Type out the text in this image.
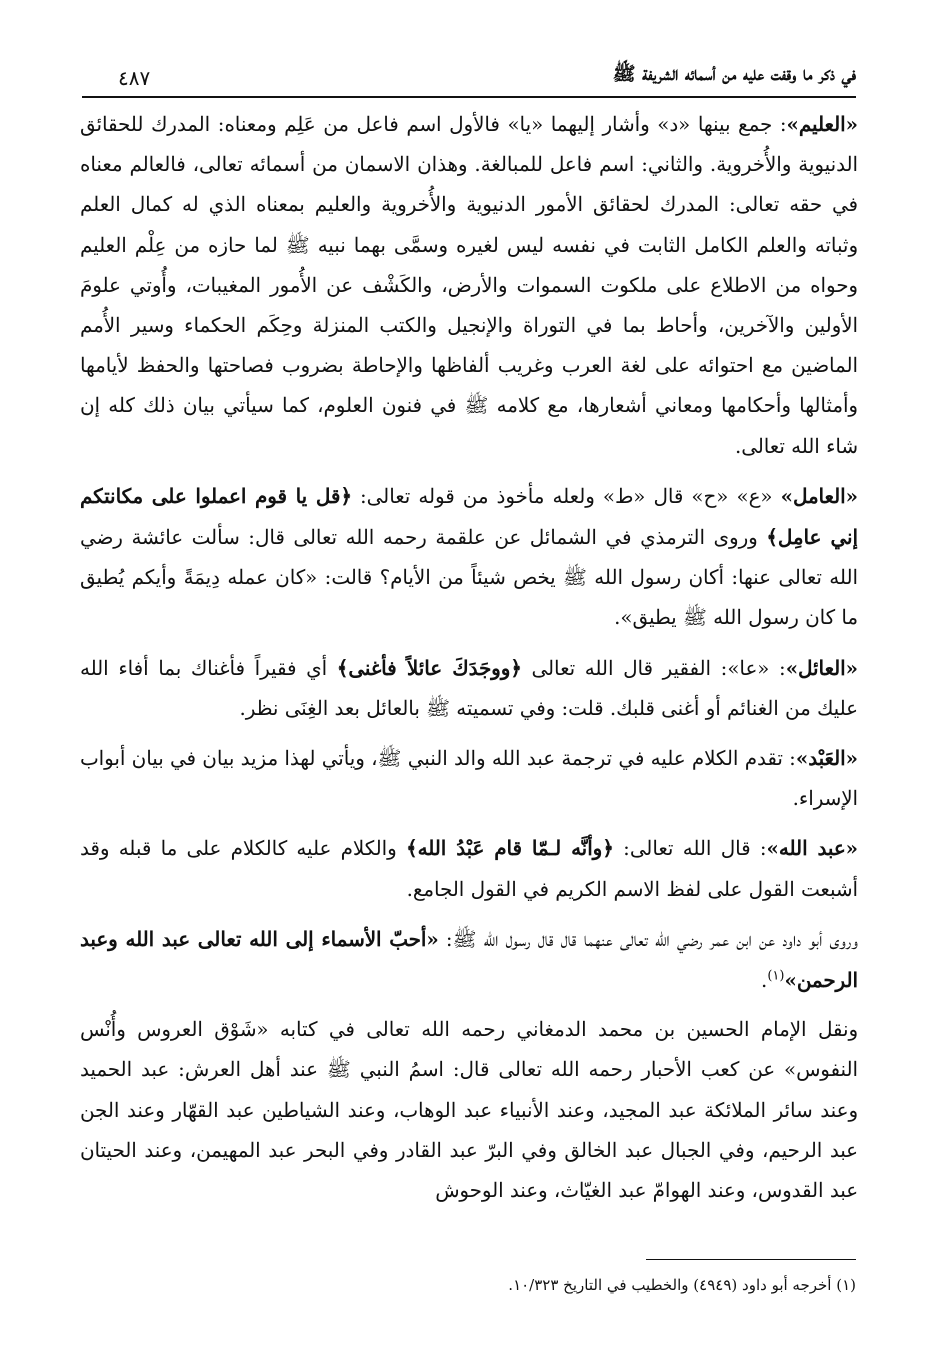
في ذكر ما وقفت عليه من أسمائه الشريفة ﷺ
٤٨٧

«العليم»: جمع بينها «د» وأشار إليهما «يا» فالأول اسم فاعل من عَلِم ومعناه: المدرك للحقائق الدنيوية والأُخروية. والثاني: اسم فاعل للمبالغة. وهذان الاسمان من أسمائه تعالى، فالعالم معناه في حقه تعالى: المدرك لحقائق الأمور الدنيوية والأُخروية والعليم بمعناه الذي له كمال العلم وثباته والعلم الكامل الثابت في نفسه ليس لغيره وسمَّى بهما نبيه ﷺ لما حازه من عِلْم العليم وحواه من الاطلاع على ملكوت السموات والأرض، والكَشْف عن الأُمور المغيبات، وأُوتي علومَ الأولين والآخرين، وأحاط بما في التوراة والإنجيل والكتب المنزلة وحِكَم الحكماء وسير الأُمم الماضين مع احتوائه على لغة العرب وغريب ألفاظها والإحاطة بضروب فصاحتها والحفظ لأيامها وأمثالها وأحكامها ومعاني أشعارها، مع كلامه ﷺ في فنون العلوم، كما سيأتي بيان ذلك كله إن شاء الله تعالى.

«العامل» «ع» «ح» قال «ط» ولعله مأخوذ من قوله تعالى: ﴿قل يا قوم اعملوا على مكانتكم إني عامِل﴾ وروى الترمذي في الشمائل عن علقمة رحمه الله تعالى قال: سألت عائشة رضي الله تعالى عنها: أكان رسول الله ﷺ يخص شيئاً من الأيام؟ قالت: «كان عمله دِيمَةً وأيكم يُطيق ما كان رسول الله ﷺ يطيق».

«العائل»: «عا»: الفقير قال الله تعالى ﴿ووجَدَكَ عائلاً فأغنى﴾ أي فقيراً فأغناك بما أفاء الله عليك من الغنائم أو أغنى قلبك. قلت: وفي تسميته ﷺ بالعائل بعد الغِنَى نظر.

«العَبْد»: تقدم الكلام عليه في ترجمة عبد الله والد النبي ﷺ، ويأتي لهذا مزيد بيان في بيان أبواب الإسراء.

«عبد الله»: قال الله تعالى: ﴿وأنَّه لـمّا قام عَبْدُ الله﴾ والكلام عليه كالكلام على ما قبله وقد أشبعت القول على لفظ الاسم الكريم في القول الجامع.

وروى أبو داود عن ابن عمر رضي الله تعالى عنهما قال قال رسول الله ﷺ: «أحبّ الأسماء إلى الله تعالى عبد الله وعبد الرحمن»$^{(١)}$.

ونقل الإمام الحسين بن محمد الدمغاني رحمه الله تعالى في كتابه «شَوْق العروس وأُنْس النفوس» عن كعب الأحبار رحمه الله تعالى قال: اسمُ النبي ﷺ عند أهل العرش: عبد الحميد وعند سائر الملائكة عبد المجيد، وعند الأنبياء عبد الوهاب، وعند الشياطين عبد القهّار وعند الجن عبد الرحيم، وفي الجبال عبد الخالق وفي البرّ عبد القادر وفي البحر عبد المهيمن، وعند الحيتان عبد القدوس، وعند الهوامّ عبد الغيّاث، وعند الوحوش

(١) أخرجه أبو داود (٤٩٤٩) والخطيب في التاريخ ١٠/٣٢٣.
